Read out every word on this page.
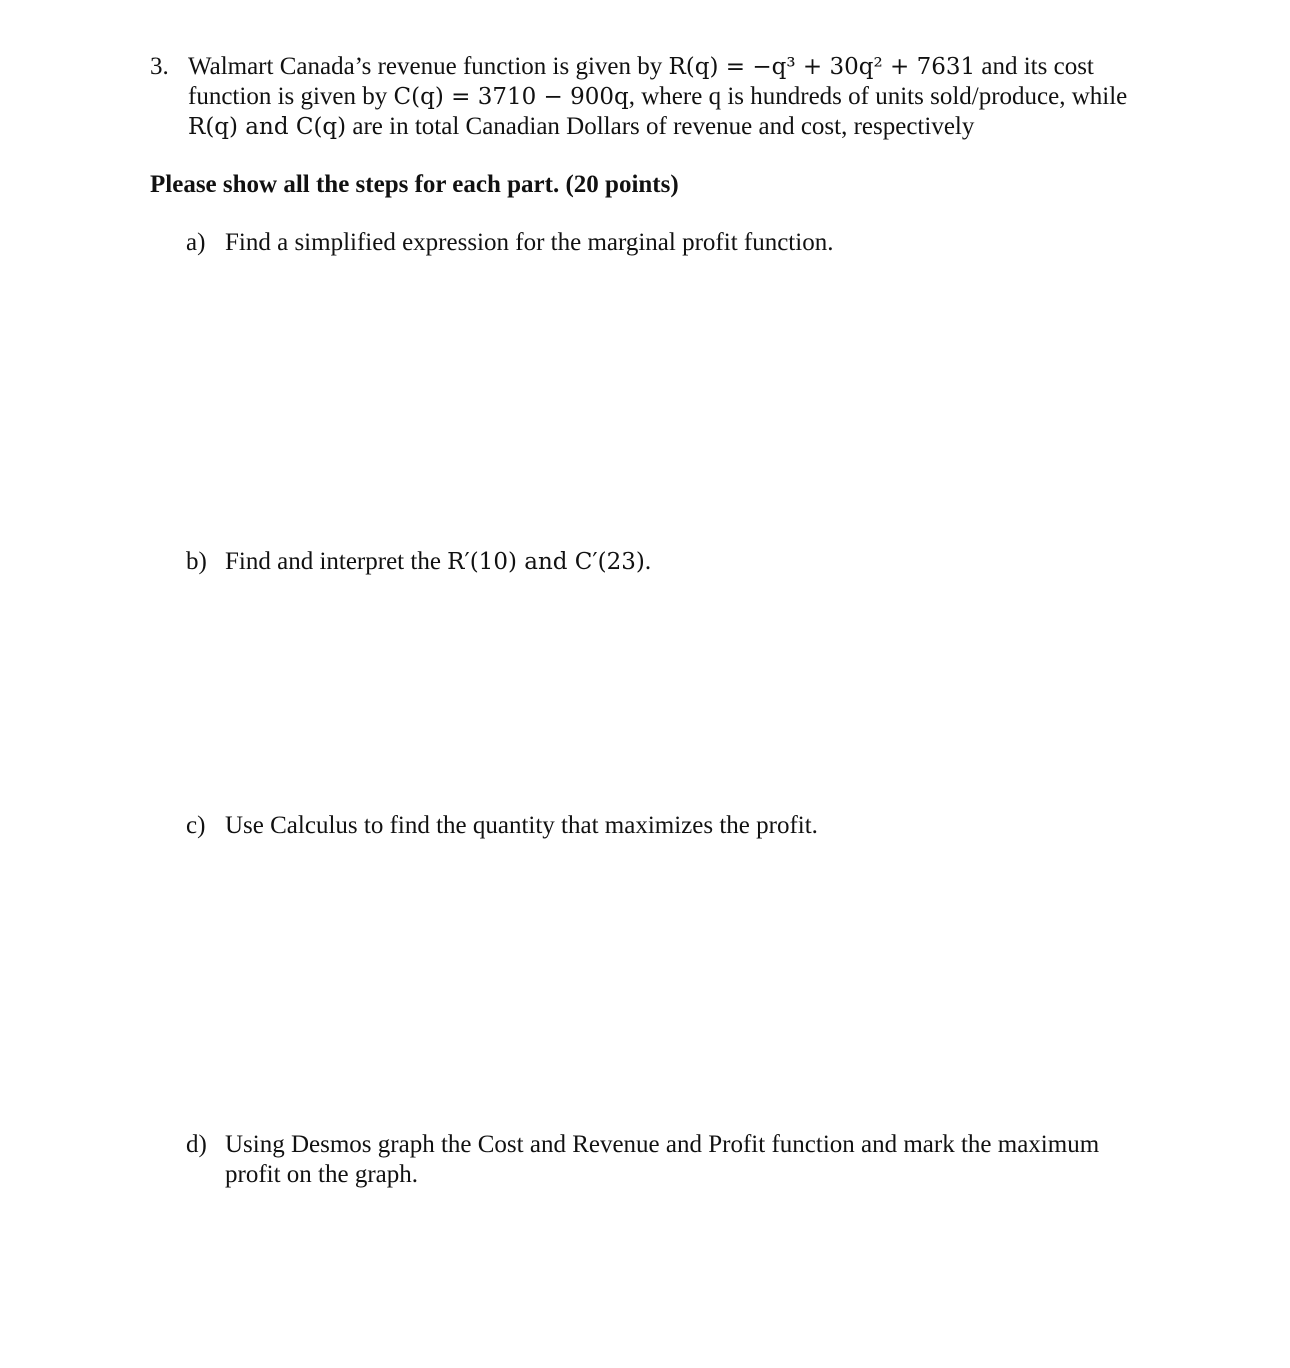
3. Walmart Canada’s revenue function is given by R(q) = −q³ + 30q² + 7631 and its cost
function is given by C(q) = 3710 − 900q, where q is hundreds of units sold/produce, while
R(q) and C(q) are in total Canadian Dollars of revenue and cost, respectively
Please show all the steps for each part. (20 points)
a) Find a simplified expression for the marginal profit function.
b) Find and interpret the R′(10) and C′(23).
c) Use Calculus to find the quantity that maximizes the profit.
d) Using Desmos graph the Cost and Revenue and Profit function and mark the maximum
profit on the graph.
